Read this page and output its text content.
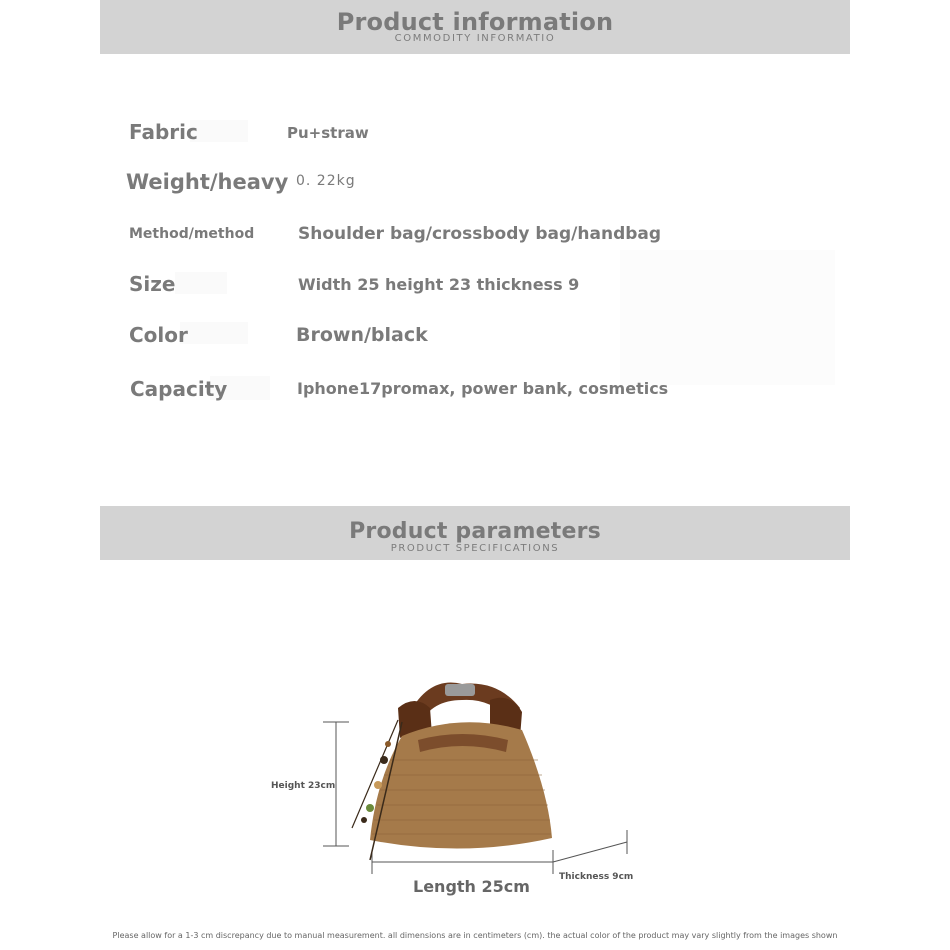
Product information
COMMODITY INFORMATIO
Fabric	Pu+straw
Weight/heavy 0. 22kg
Method/method	Shoulder bag/crossbody bag/handbag
Size	Width 25 height 23 thickness 9
Color	Brown/black
Capacity	Iphone17promax, power bank, cosmetics
Product parameters
PRODUCT SPECIFICATIONS
Height 23cm
Length 25cm	Thickness 9cm
Please allow for a 1-3 cm discrepancy due to manual measurement. all dimensions are in centimeters (cm). the actual color of the product may vary slightly from the images shown
